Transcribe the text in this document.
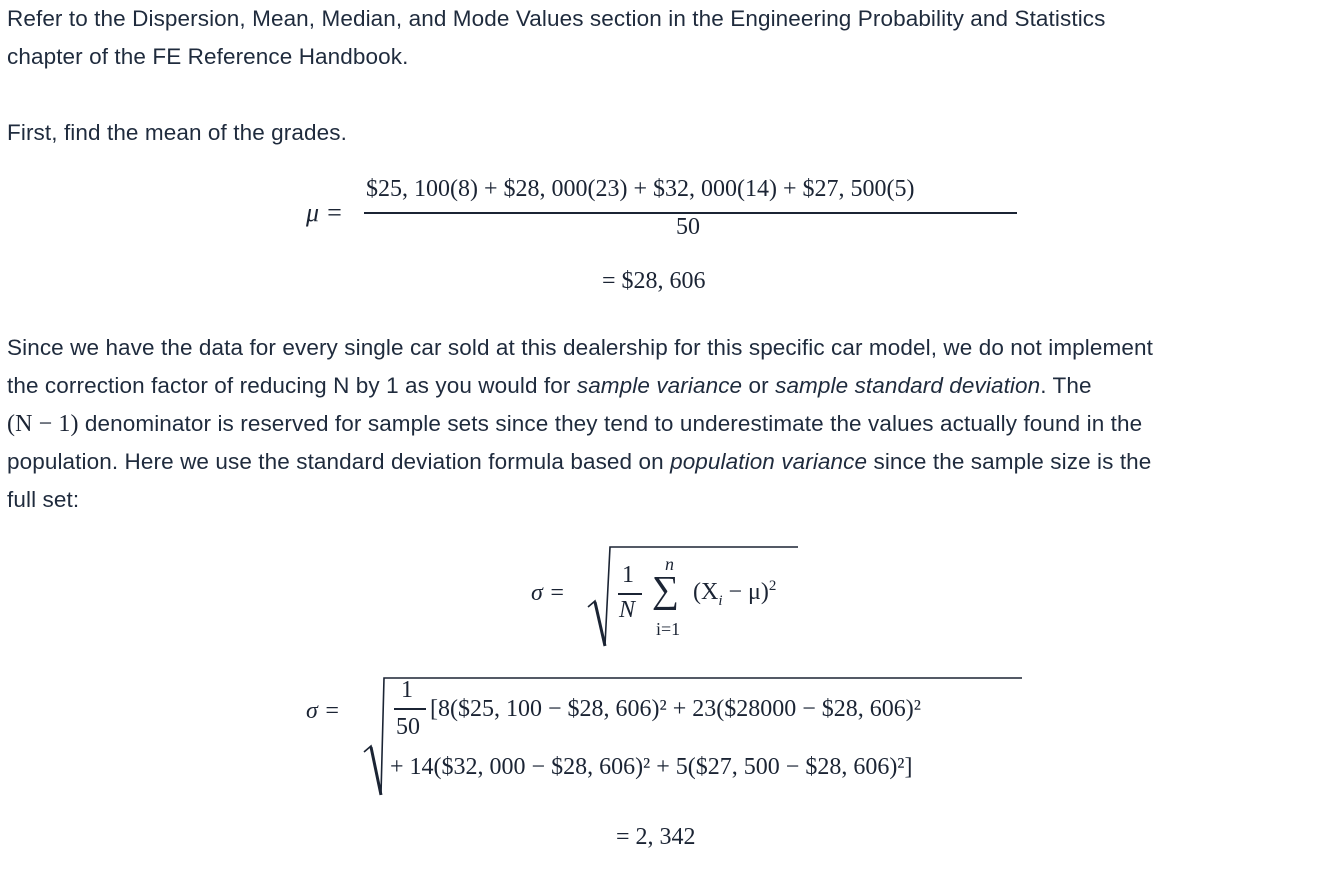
Refer to the Dispersion, Mean, Median, and Mode Values section in the Engineering Probability and Statistics
chapter of the FE Reference Handbook.
First, find the mean of the grades.
μ =
$25, 100(8) + $28, 000(23) + $32, 000(14) + $27, 500(5)
50
= $28, 606
Since we have the data for every single car sold at this dealership for this specific car model, we do not implement
the correction factor of reducing N by 1 as you would for sample variance or sample standard deviation. The
(N − 1) denominator is reserved for sample sets since they tend to underestimate the values actually found in the
population. Here we use the standard deviation formula based on population variance since the sample size is the
full set:
σ =
1
N
n
∑
i=1
$(X_i - \mu)^2$
σ =
1
50
[8($25, 100 − $28, 606)² + 23($28000 − $28, 606)²
+ 14($32, 000 − $28, 606)² + 5($27, 500 − $28, 606)²]
= 2, 342
